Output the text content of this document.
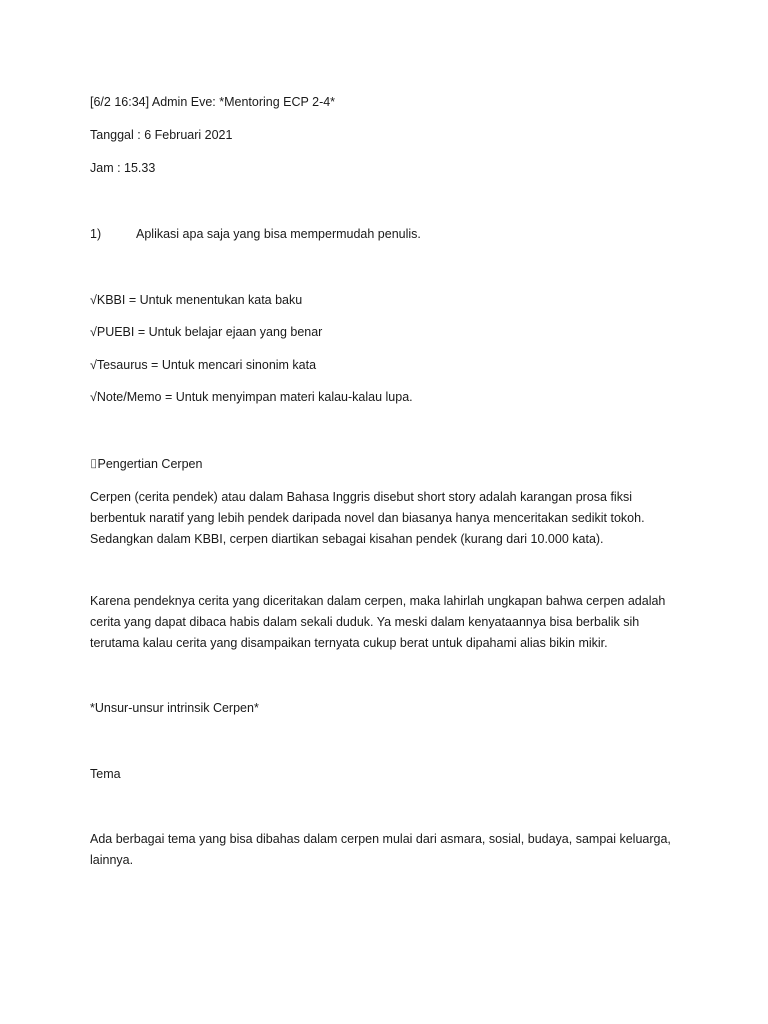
[6/2 16:34] Admin Eve: *Mentoring ECP 2-4*
Tanggal : 6 Februari 2021
Jam : 15.33
1)	Aplikasi apa saja yang bisa mempermudah penulis.
√KBBI = Untuk menentukan kata baku
√PUEBI = Untuk belajar ejaan yang benar
√Tesaurus = Untuk mencari sinonim kata
√Note/Memo = Untuk menyimpan materi kalau-kalau lupa.
⌷Pengertian Cerpen
Cerpen (cerita pendek) atau dalam Bahasa Inggris disebut short story adalah karangan prosa fiksi
berbentuk naratif yang lebih pendek daripada novel dan biasanya hanya menceritakan sedikit tokoh.
Sedangkan dalam KBBI, cerpen diartikan sebagai kisahan pendek (kurang dari 10.000 kata).
Karena pendeknya cerita yang diceritakan dalam cerpen, maka lahirlah ungkapan bahwa cerpen adalah
cerita yang dapat dibaca habis dalam sekali duduk. Ya meski dalam kenyataannya bisa berbalik sih
terutama kalau cerita yang disampaikan ternyata cukup berat untuk dipahami alias bikin mikir.
*Unsur-unsur intrinsik Cerpen*
Tema
Ada berbagai tema yang bisa dibahas dalam cerpen mulai dari asmara, sosial, budaya, sampai keluarga,
lainnya.
